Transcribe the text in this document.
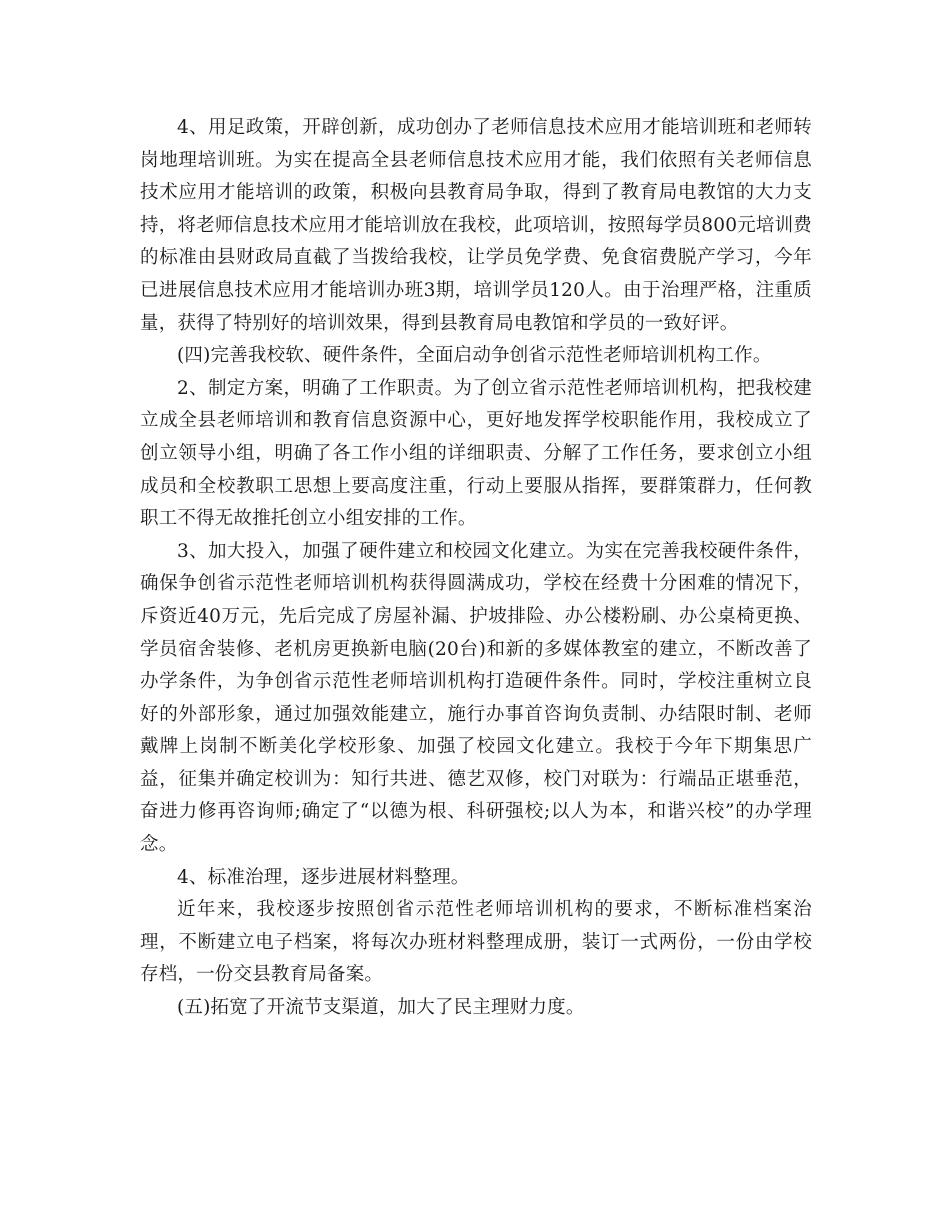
4、用足政策，开辟创新，成功创办了老师信息技术应用才能培训班和老师转岗地理培训班。为实在提高全县老师信息技术应用才能，我们依照有关老师信息技术应用才能培训的政策，积极向县教育局争取，得到了教育局电教馆的大力支持，将老师信息技术应用才能培训放在我校，此项培训，按照每学员800元培训费的标准由县财政局直截了当拨给我校，让学员免学费、免食宿费脱产学习，今年已进展信息技术应用才能培训办班3期，培训学员120人。由于治理严格，注重质量，获得了特别好的培训效果，得到县教育局电教馆和学员的一致好评。

(四)完善我校软、硬件条件，全面启动争创省示范性老师培训机构工作。

2、制定方案，明确了工作职责。为了创立省示范性老师培训机构，把我校建立成全县老师培训和教育信息资源中心，更好地发挥学校职能作用，我校成立了创立领导小组，明确了各工作小组的详细职责、分解了工作任务，要求创立小组成员和全校教职工思想上要高度注重，行动上要服从指挥，要群策群力，任何教职工不得无故推托创立小组安排的工作。

3、加大投入，加强了硬件建立和校园文化建立。为实在完善我校硬件条件，确保争创省示范性老师培训机构获得圆满成功，学校在经费十分困难的情况下，斥资近40万元，先后完成了房屋补漏、护坡排险、办公楼粉刷、办公桌椅更换、学员宿舍装修、老机房更换新电脑(20台)和新的多媒体教室的建立，不断改善了办学条件，为争创省示范性老师培训机构打造硬件条件。同时，学校注重树立良好的外部形象，通过加强效能建立，施行办事首咨询负责制、办结限时制、老师戴牌上岗制不断美化学校形象、加强了校园文化建立。我校于今年下期集思广益，征集并确定校训为：知行共进、德艺双修，校门对联为：行端品正堪垂范，奋进力修再咨询师;确定了“以德为根、科研强校;以人为本，和谐兴校”的办学理念。

4、标准治理，逐步进展材料整理。

近年来，我校逐步按照创省示范性老师培训机构的要求，不断标准档案治理，不断建立电子档案，将每次办班材料整理成册，装订一式两份，一份由学校存档，一份交县教育局备案。

(五)拓宽了开流节支渠道，加大了民主理财力度。
